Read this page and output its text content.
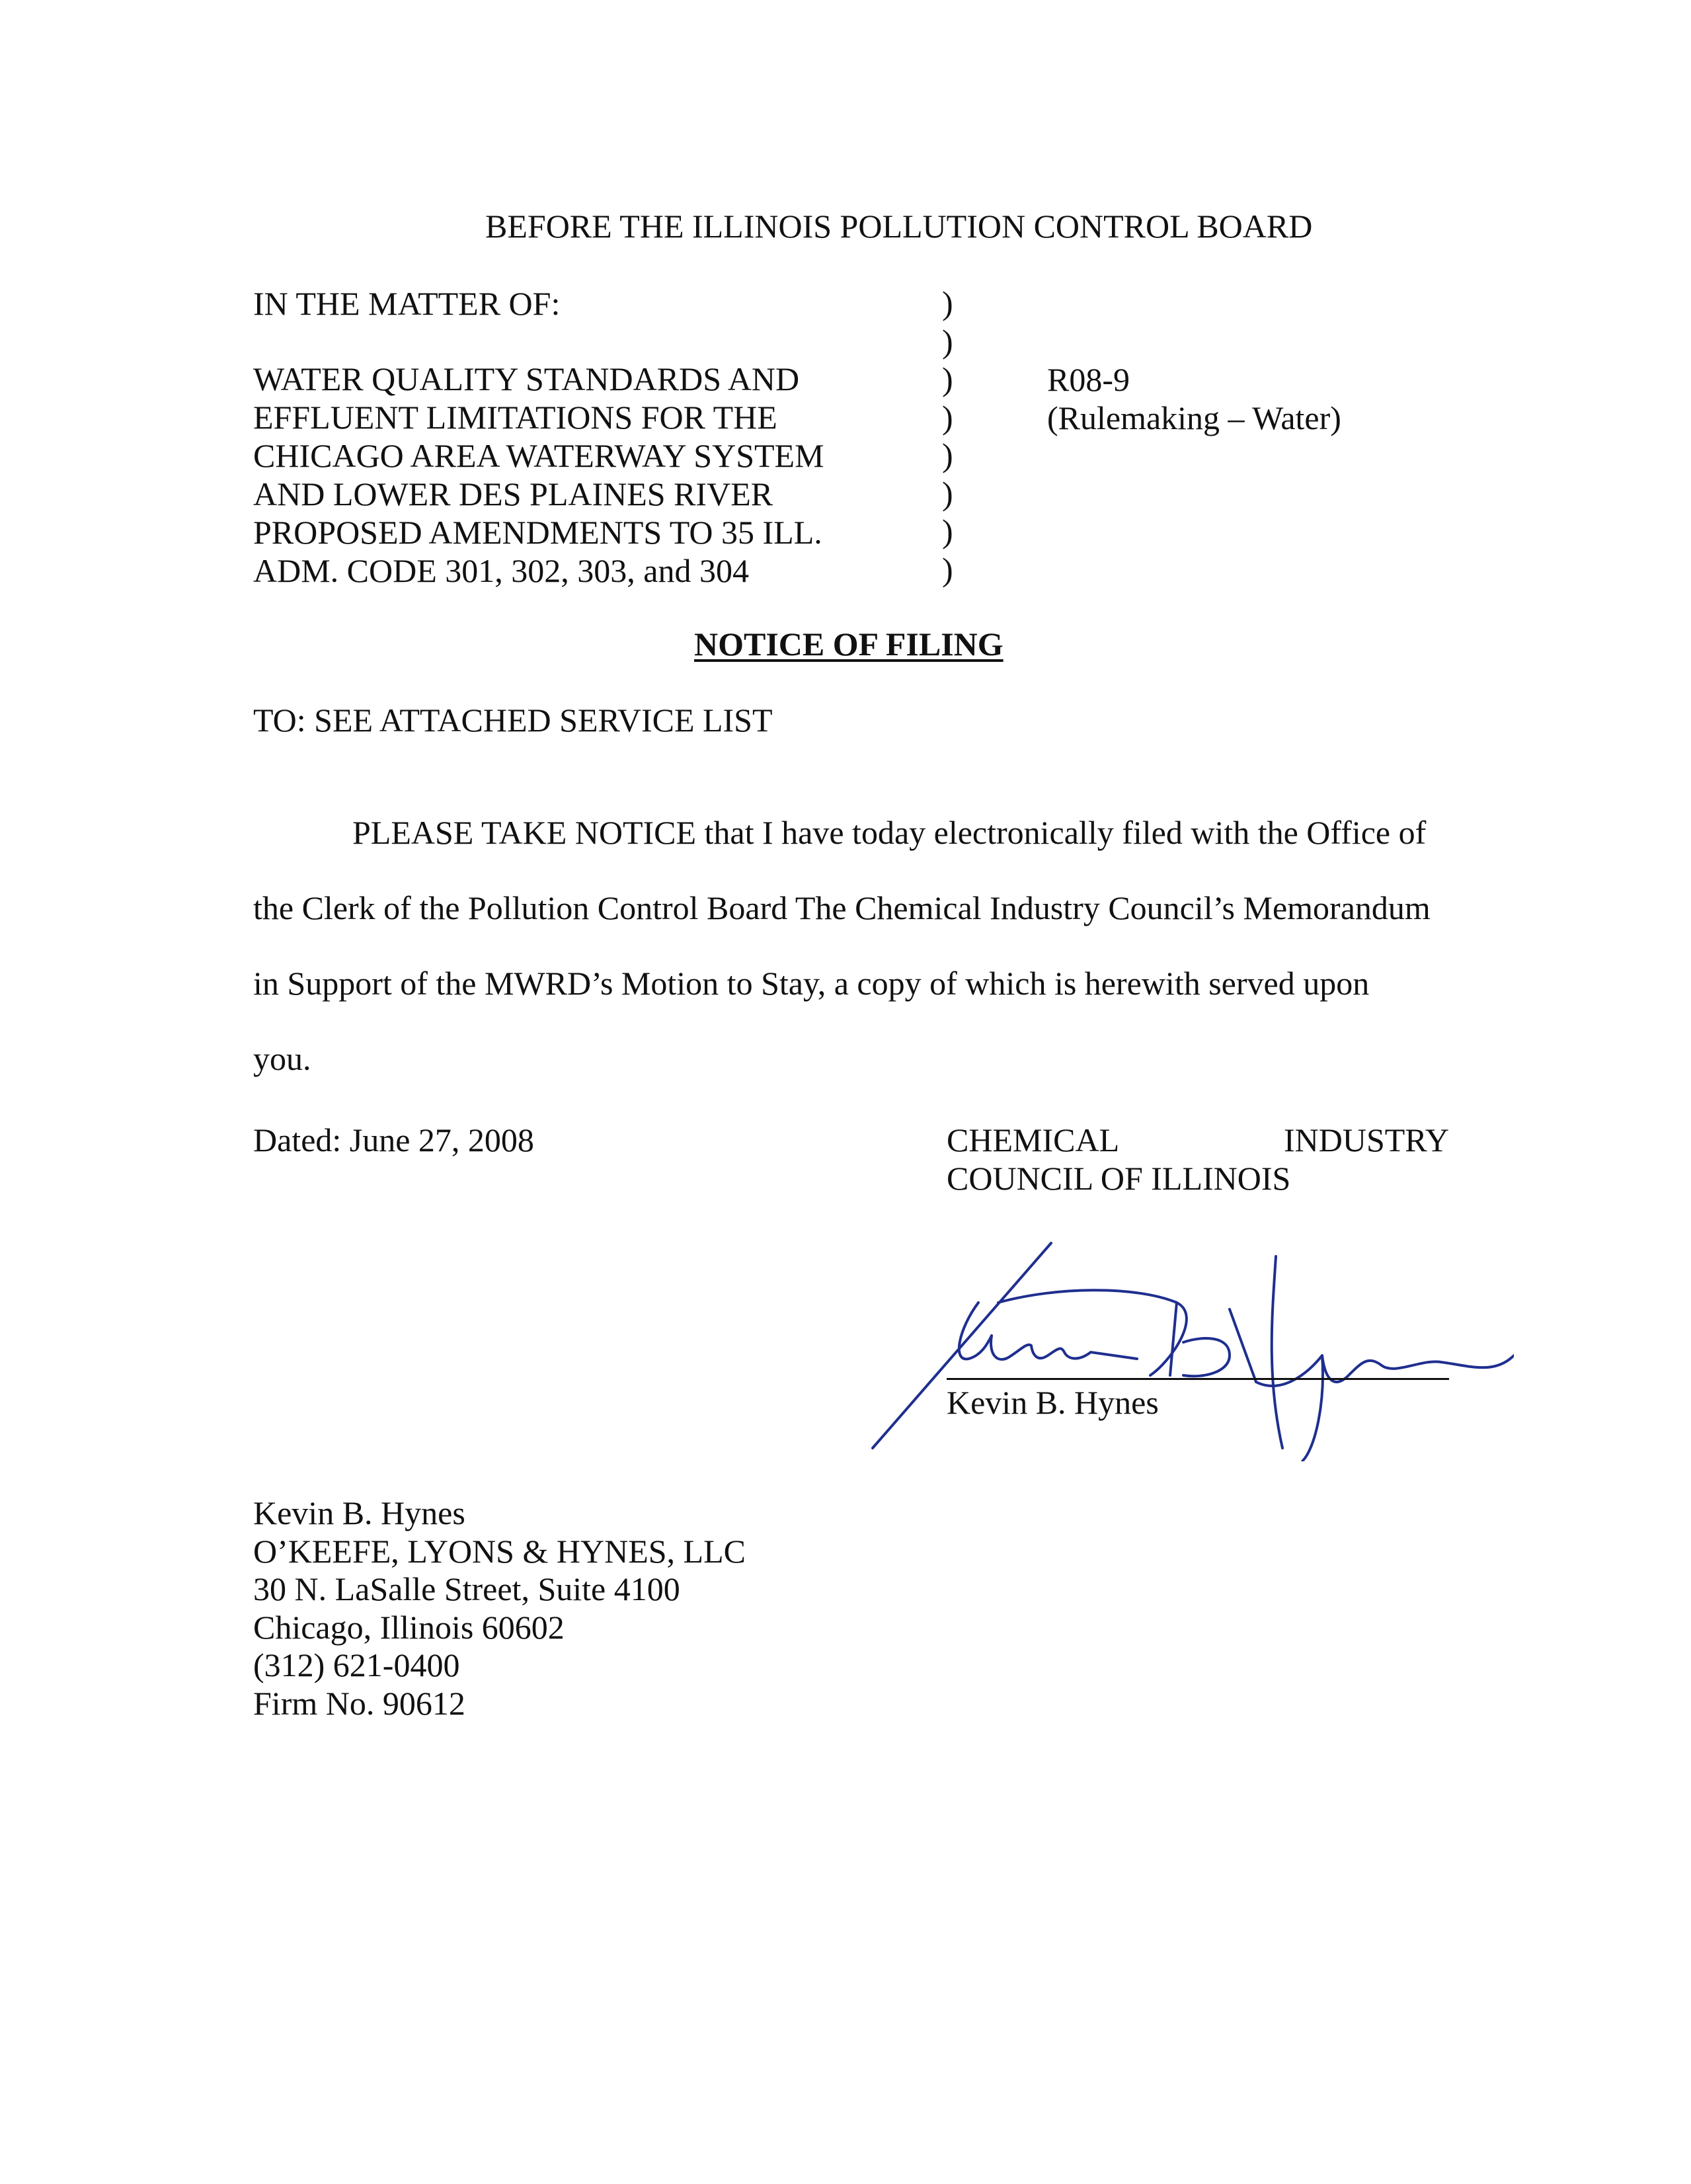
BEFORE THE ILLINOIS POLLUTION CONTROL BOARD
IN THE MATTER OF:
WATER QUALITY STANDARDS AND
EFFLUENT LIMITATIONS FOR THE
CHICAGO AREA WATERWAY SYSTEM
AND LOWER DES PLAINES RIVER
PROPOSED AMENDMENTS TO 35 ILL.
ADM. CODE 301, 302, 303, and 304
)
)
)
)
)
)
)
)
R08-9
(Rulemaking – Water)
NOTICE OF FILING
TO: SEE ATTACHED SERVICE LIST
PLEASE TAKE NOTICE that I have today electronically filed with the Office of
the Clerk of the Pollution Control Board The Chemical Industry Council’s Memorandum
in Support of the MWRD’s Motion to Stay, a copy of which is herewith served upon
you.
Dated: June 27, 2008	CHEMICAL	INDUSTRY
COUNCIL OF ILLINOIS
Kevin B. Hynes
Kevin B. Hynes
O’KEEFE, LYONS & HYNES, LLC
30 N. LaSalle Street, Suite 4100
Chicago, Illinois 60602
(312) 621-0400
Firm No. 90612
